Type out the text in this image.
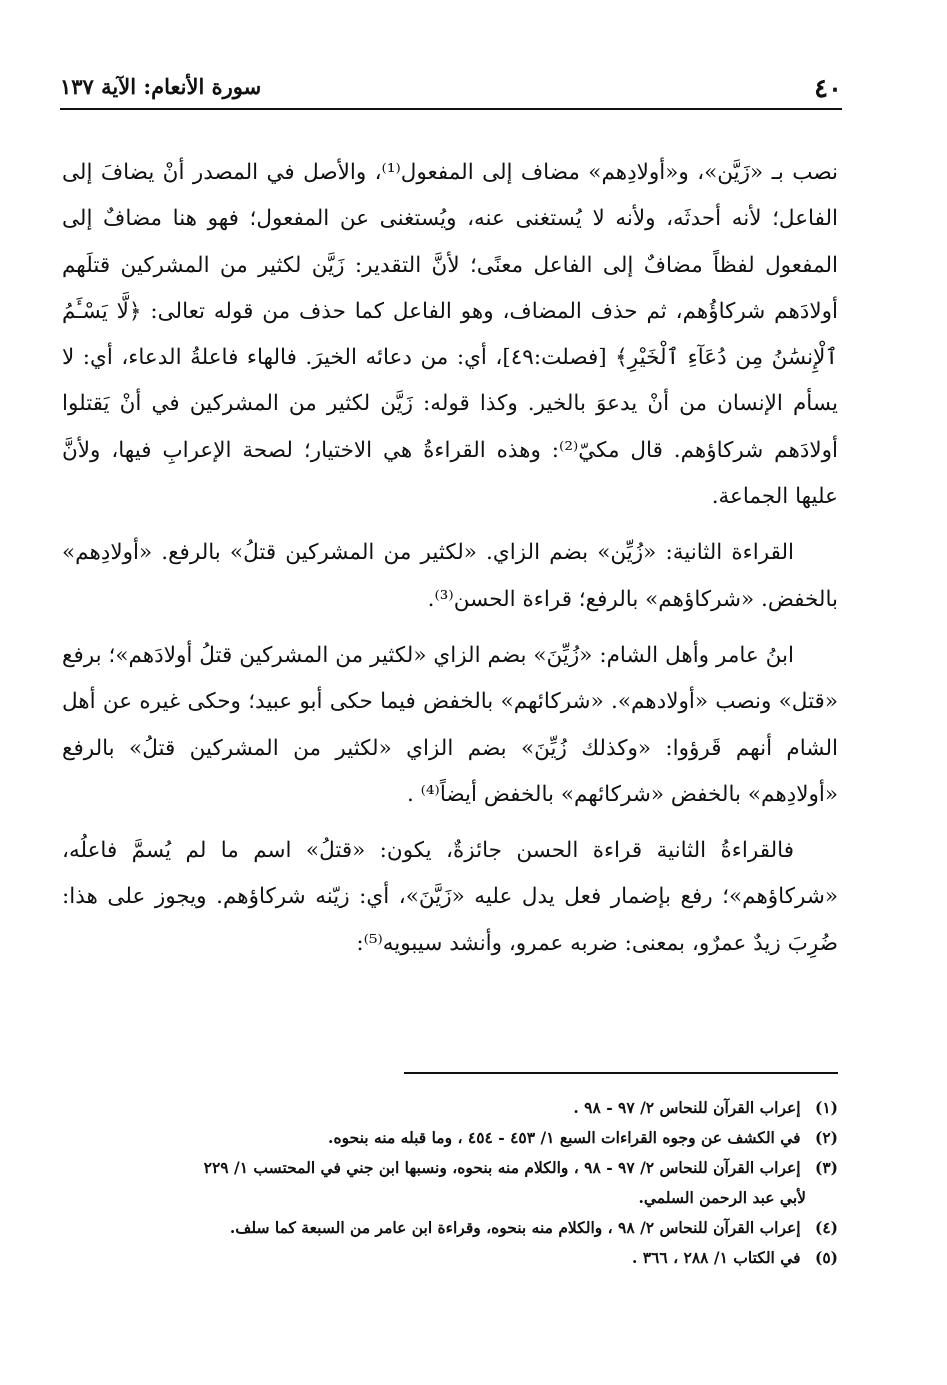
٤٠
سورة الأنعام: الآية ١٣٧

نصب بـ «زَيَّن»، و«أولادِهم» مضاف إلى المفعول⁽¹⁾، والأصل في المصدر أنْ يضافَ إلى الفاعل؛ لأنه أحدثَه، ولأنه لا يُستغنى عنه، ويُستغنى عن المفعول؛ فهو هنا مضافٌ إلى المفعول لفظاً مضافٌ إلى الفاعل معنًى؛ لأنَّ التقدير: زَيَّن لكثير من المشركين قتلَهم أولادَهم شركاؤُهم، ثم حذف المضاف، وهو الفاعل كما حذف من قوله تعالى: ﴿لَّا يَسْـَٔمُ ٱلْإِنسَٰنُ مِن دُعَآءِ ٱلْخَيْرِ﴾ [فصلت:٤٩]، أي: من دعائه الخيرَ. فالهاء فاعلةُ الدعاء، أي: لا يسأم الإنسان من أنْ يدعوَ بالخير. وكذا قوله: زَيَّن لكثير من المشركين في أنْ يَقتلوا أولادَهم شركاؤهم. قال مكيّ⁽²⁾: وهذه القراءةُ هي الاختيار؛ لصحة الإعرابِ فيها، ولأنَّ عليها الجماعة.

القراءة الثانية: «زُيِّن» بضم الزاي. «لكثير من المشركين قتلُ» بالرفع. «أولادِهم» بالخفض. «شركاؤهم» بالرفع؛ قراءة الحسن⁽³⁾.

ابنُ عامر وأهل الشام: «زُيِّنَ» بضم الزاي «لكثير من المشركين قتلُ أولادَهم»؛ برفع «قتل» ونصب «أولادهم». «شركائهم» بالخفض فيما حكى أبو عبيد؛ وحكى غيره عن أهل الشام أنهم قَرؤوا: «وكذلك زُيِّنَ» بضم الزاي «لكثير من المشركين قتلُ» بالرفع «أولادِهم» بالخفض «شركائهم» بالخفض أيضاً⁽⁴⁾ .

فالقراءةُ الثانية قراءة الحسن جائزةٌ، يكون: «قتلُ» اسم ما لم يُسمَّ فاعلُه، «شركاؤهم»؛ رفع بإضمار فعل يدل عليه «زَيَّنَ»، أي: زيّنه شركاؤهم. ويجوز على هذا: ضُرِبَ زيدٌ عمرٌو، بمعنى: ضربه عمرو، وأنشد سيبويه⁽⁵⁾:

(١) إعراب القرآن للنحاس ٢/ ٩٧ - ٩٨ .

(٢) في الكشف عن وجوه القراءات السبع ١/ ٤٥٣ - ٤٥٤ ، وما قبله منه بنحوه.

(٣) إعراب القرآن للنحاس ٢/ ٩٧ - ٩٨ ، والكلام منه بنحوه، ونسبها ابن جني في المحتسب ١/ ٢٢٩
لأبي عبد الرحمن السلمي.

(٤) إعراب القرآن للنحاس ٢/ ٩٨ ، والكلام منه بنحوه، وقراءة ابن عامر من السبعة كما سلف.

(٥) في الكتاب ١/ ٢٨٨ ، ٣٦٦ .
